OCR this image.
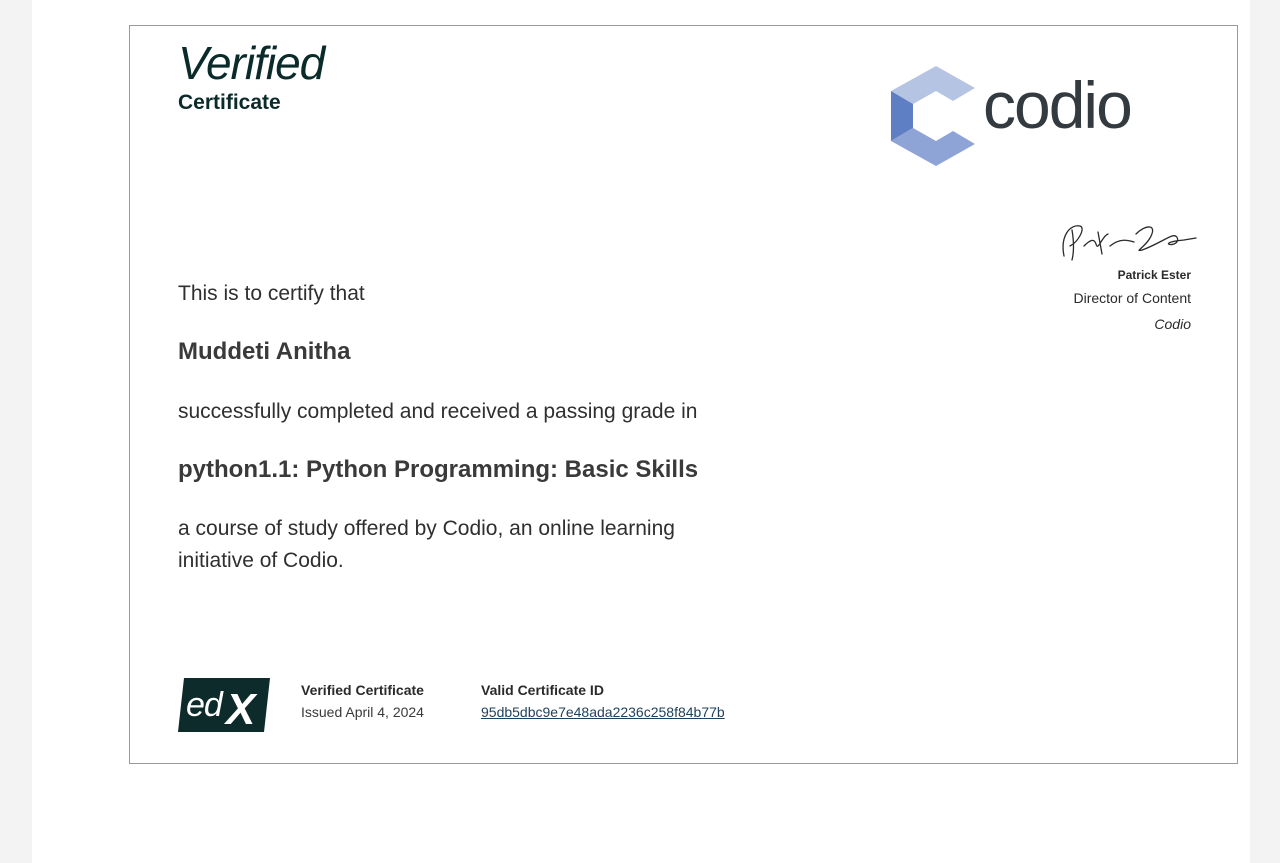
Verified
Certificate	codio
Patrick Ester
Director of Content
Codio
This is to certify that
Muddeti Anitha
successfully completed and received a passing grade in
python1.1: Python Programming: Basic Skills
a course of study offered by Codio, an online learning
initiative of Codio.
ed X	Verified Certificate
Issued April 4, 2024
Valid Certificate ID
95db5dbc9e7e48ada2236c258f84b77b
